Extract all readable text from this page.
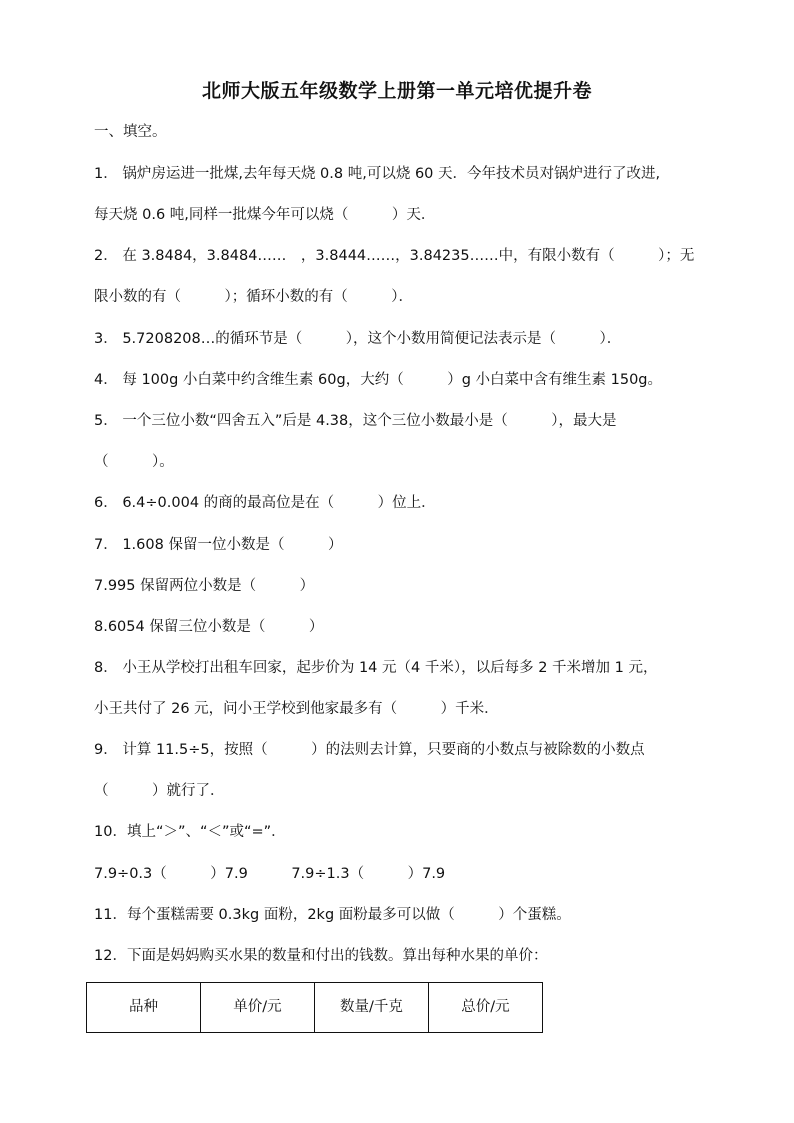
北师大版五年级数学上册第一单元培优提升卷
一、填空。
1． 锅炉房运进一批煤,去年每天烧 0.8 吨,可以烧 60 天．今年技术员对锅炉进行了改进,
每天烧 0.6 吨,同样一批煤今年可以烧（　　　）天．
2． 在 3.8484，3.8484……　，3.8444……，3.84235……中，有限小数有（　　　）；无
限小数的有（　　　）；循环小数的有（　　　）．
3． 5.7208208…的循环节是（　　　），这个小数用简便记法表示是（　　　）．
4． 每 100g 小白菜中约含维生素 60g，大约（　　　）g 小白菜中含有维生素 150g。
5． 一个三位小数“四舍五入”后是 4.38，这个三位小数最小是（　　　），最大是
（　　　）。
6． 6.4÷0.004 的商的最高位是在（　　　）位上．
7． 1.608 保留一位小数是（　　　）
7.995 保留两位小数是（　　　）
8.6054 保留三位小数是（　　　）
8． 小王从学校打出租车回家，起步价为 14 元（4 千米），以后每多 2 千米增加 1 元，
小王共付了 26 元，问小王学校到他家最多有（　　　）千米．
9． 计算 11.5÷5，按照（　　　）的法则去计算，只要商的小数点与被除数的小数点
（　　　）就行了．
10．填上“＞”、“＜”或“=”．
7.9÷0.3（　　　）7.9　　　7.9÷1.3（　　　）7.9
11．每个蛋糕需要 0.3kg 面粉，2kg 面粉最多可以做（　　　）个蛋糕。
12．下面是妈妈购买水果的数量和付出的钱数。算出每种水果的单价：
品种	单价/元	数量/千克	总价/元
